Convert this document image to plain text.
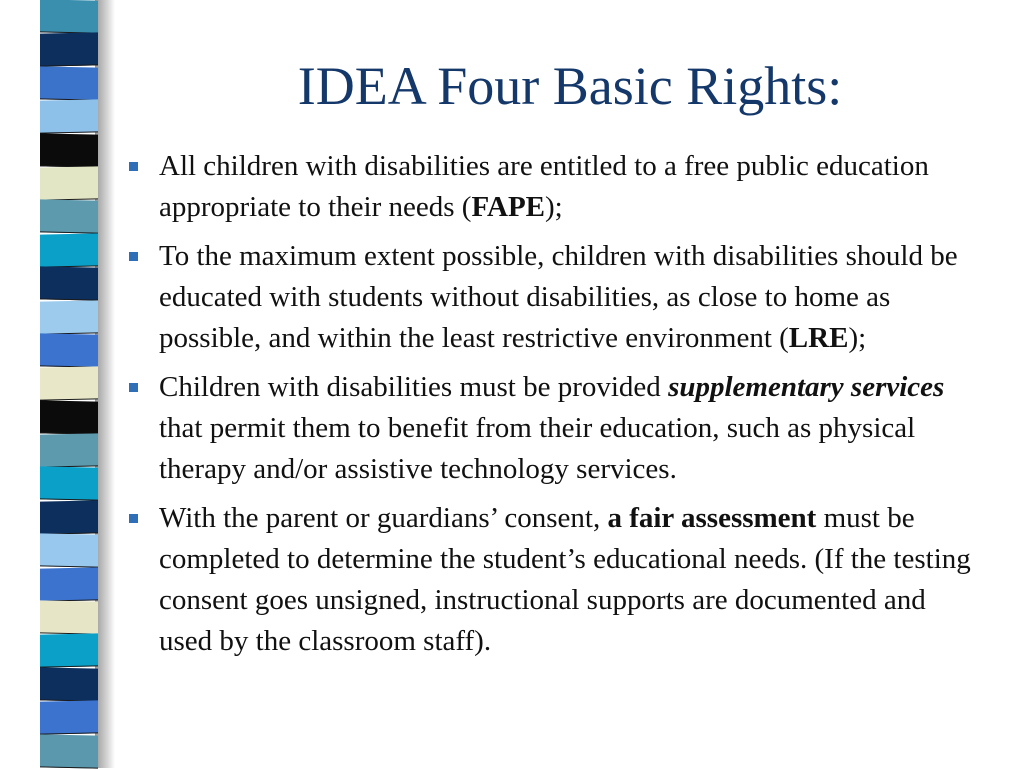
IDEA Four Basic Rights:
All children with disabilities are entitled to a free public education appropriate to their needs (FAPE);
To the maximum extent possible, children with disabilities should be educated with students without disabilities, as close to home as possible, and within the least restrictive environment (LRE);
Children with disabilities must be provided supplementary services that permit them to benefit from their education, such as physical therapy and/or assistive technology services.
With the parent or guardians’ consent, a fair assessment must be completed to determine the student’s educational needs. (If the testing consent goes unsigned, instructional supports are documented and used by the classroom staff).
